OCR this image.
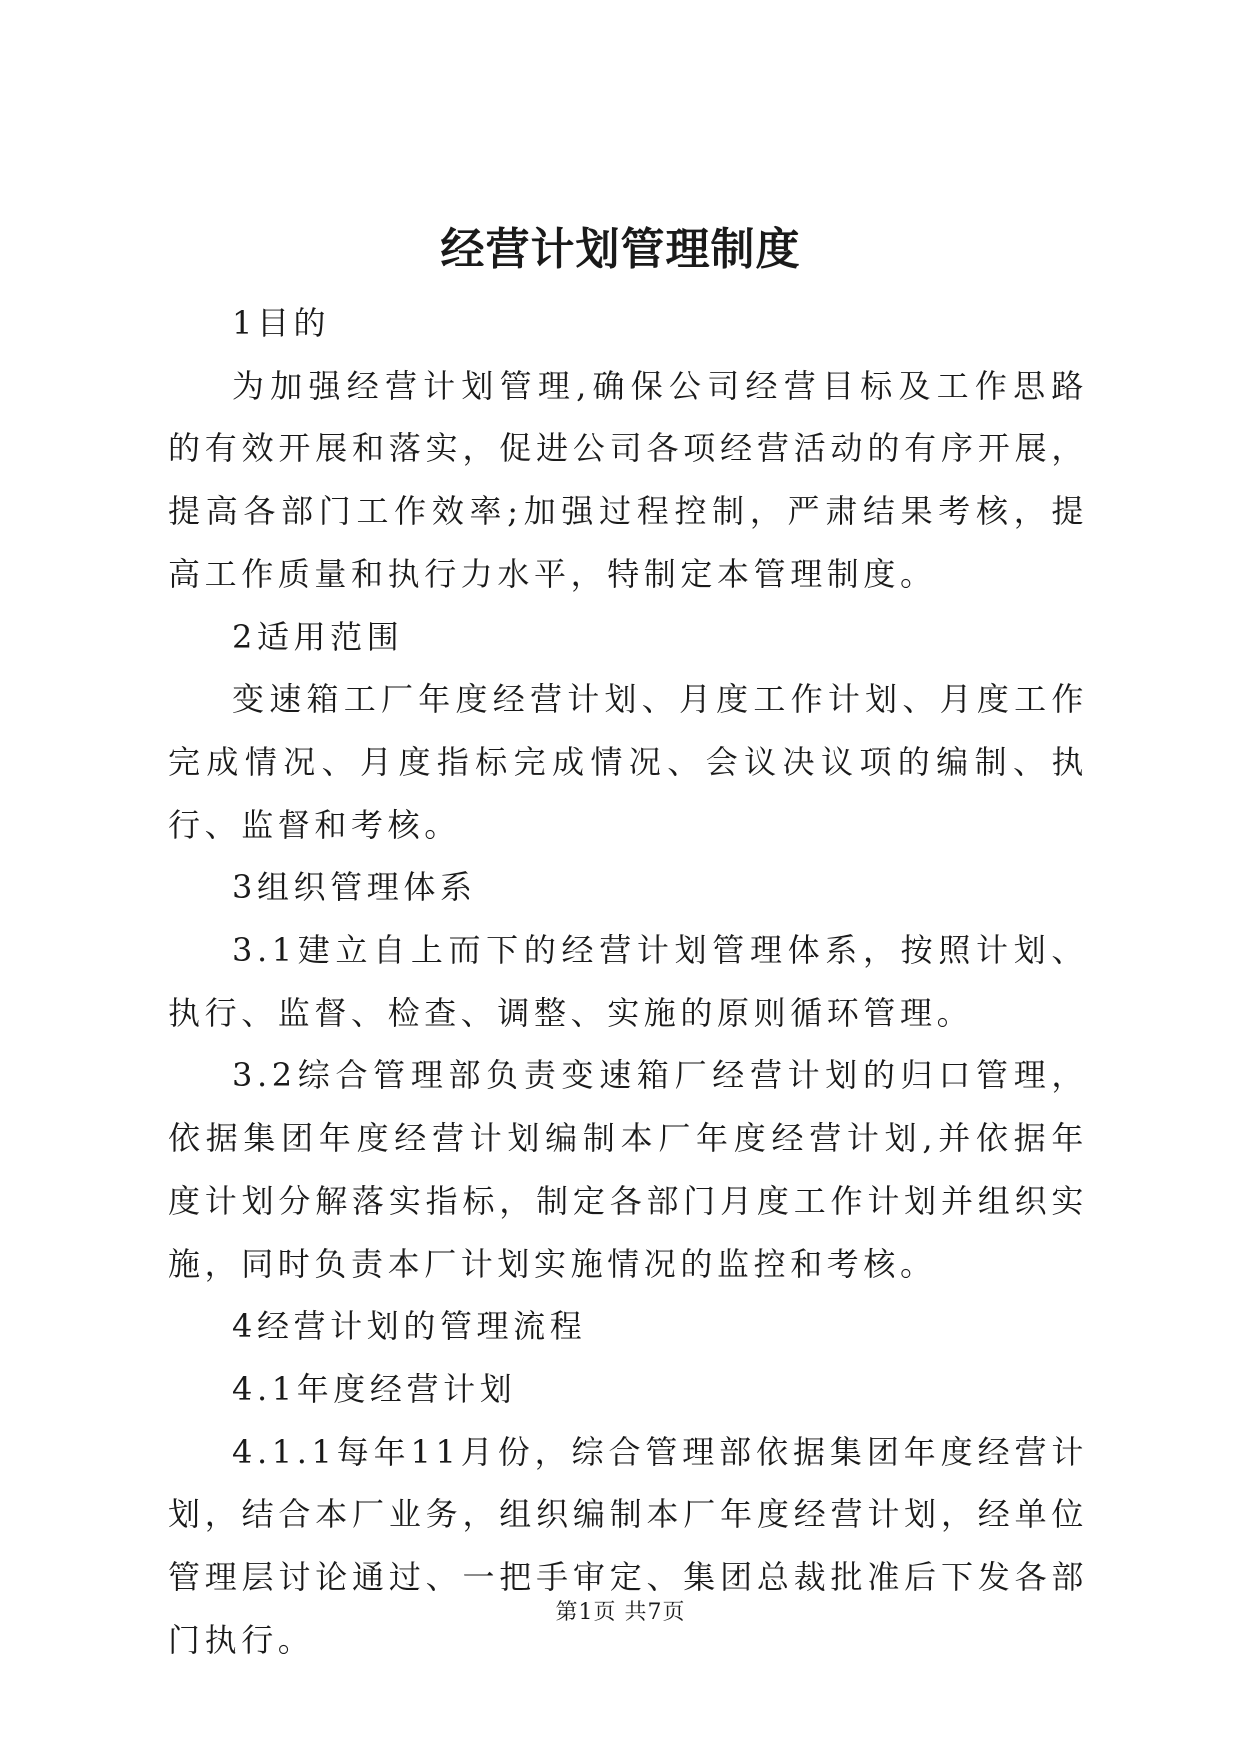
经营计划管理制度

1目的

为加强经营计划管理,确保公司经营目标及工作思路的有效开展和落实，促进公司各项经营活动的有序开展，提高各部门工作效率;加强过程控制，严肃结果考核，提高工作质量和执行力水平，特制定本管理制度。

2适用范围

变速箱工厂年度经营计划、月度工作计划、月度工作完成情况、月度指标完成情况、会议决议项的编制、执行、监督和考核。

3组织管理体系

3.1建立自上而下的经营计划管理体系，按照计划、执行、监督、检查、调整、实施的原则循环管理。

3.2综合管理部负责变速箱厂经营计划的归口管理，依据集团年度经营计划编制本厂年度经营计划,并依据年度计划分解落实指标，制定各部门月度工作计划并组织实施，同时负责本厂计划实施情况的监控和考核。

4经营计划的管理流程

4.1年度经营计划

4.1.1每年11月份，综合管理部依据集团年度经营计划，结合本厂业务，组织编制本厂年度经营计划，经单位管理层讨论通过、一把手审定、集团总裁批准后下发各部门执行。

第1页 共7页
